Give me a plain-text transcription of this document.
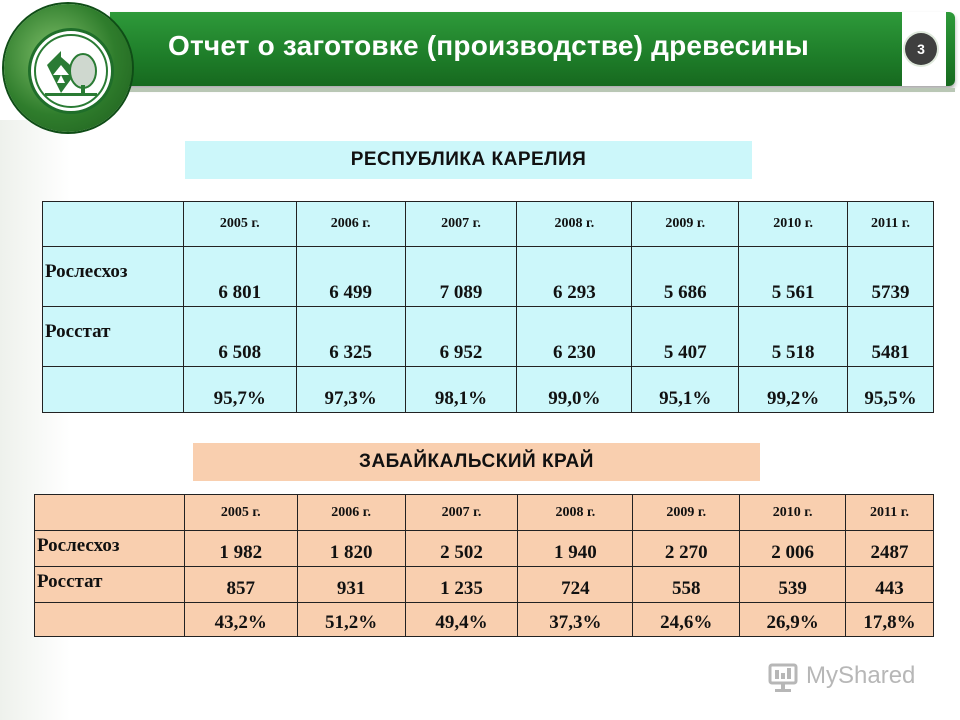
Отчет о заготовке (производстве) древесины	3
РЕСПУБЛИКА КАРЕЛИЯ
	2005 г.	2006 г.	2007 г.	2008 г.	2009 г.	2010 г.	2011 г.
Рослесхоз	6 801	6 499	7 089	6 293	5 686	5 561	5739
Росстат	6 508	6 325	6 952	6 230	5 407	5 518	5481
	95,7%	97,3%	98,1%	99,0%	95,1%	99,2%	95,5%
ЗАБАЙКАЛЬСКИЙ КРАЙ
	2005 г.	2006 г.	2007 г.	2008 г.	2009 г.	2010 г.	2011 г.
Рослесхоз	1 982	1 820	2 502	1 940	2 270	2 006	2487
Росстат	857	931	1 235	724	558	539	443
	43,2%	51,2%	49,4%	37,3%	24,6%	26,9%	17,8%
MyShared
